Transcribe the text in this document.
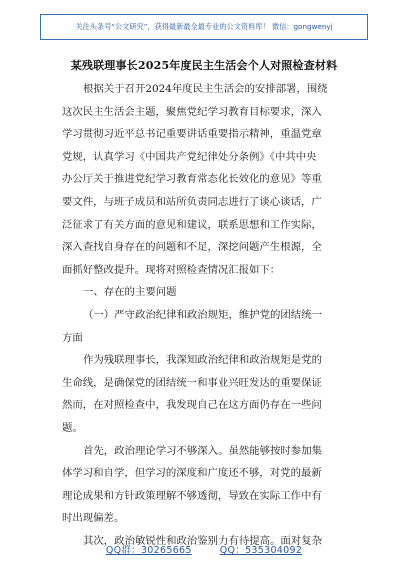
关注头条号“公文研究”，获得最新最全最专业的公文资料库！ 微信：gongwenyj
某残联理事长2025年度民主生活会个人对照检查材料
根据关于召开2024年度民主生活会的安排部署，围绕
这次民主生活会主题，聚焦党纪学习教育目标要求，深入
学习贯彻习近平总书记重要讲话重要指示精神，重温党章
党规，认真学习《中国共产党纪律处分条例》《中共中央
办公厅关于推进党纪学习教育常态化长效化的意见》等重
要文件，与班子成员和站所负责同志进行了谈心谈话，广
泛征求了有关方面的意见和建议，联系思想和工作实际，
深入查找自身存在的问题和不足，深挖问题产生根源，全
面抓好整改提升。现将对照检查情况汇报如下：
一、存在的主要问题
（一）严守政治纪律和政治规矩，维护党的团结统一
方面
作为残联理事长，我深知政治纪律和政治规矩是党的
生命线，是确保党的团结统一和事业兴旺发达的重要保证
然而，在对照检查中，我发现自己在这方面仍存在一些问
题。
首先，政治理论学习不够深入。虽然能够按时参加集
体学习和自学，但学习的深度和广度还不够，对党的最新
理论成果和方针政策理解不够透彻，导致在实际工作中有
时出现偏差。
其次，政治敏锐性和政治鉴别力有待提高。面对复杂
QQ群：30265665	QQ：535304092
